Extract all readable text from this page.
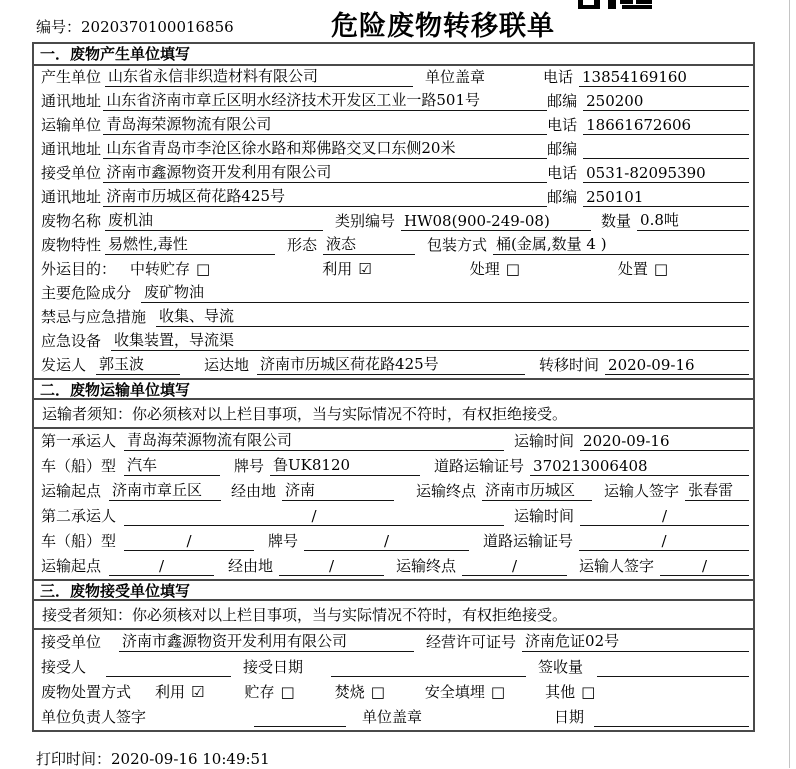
编号：2020370100016856	危险废物转移联单
一．废物产生单位填写
产生单位 山东省永信非织造材料有限公司	单位盖章	电话 13854169160
通讯地址 山东省济南市章丘区明水经济技术开发区工业一路501号	邮编 250200
运输单位 青岛海荣源物流有限公司	电话 18661672606
通讯地址 山东省青岛市李沧区徐水路和郑佛路交叉口东侧20米	邮编
接受单位 济南市鑫源物资开发利用有限公司	电话 0531-82095390
通讯地址 济南市历城区荷花路425号	邮编 250101
废物名称 废机油	类别编号 HW08(900-249-08)	数量 0.8吨
废物特性 易燃性,毒性	形态 液态	包装方式 桶(金属,数量 4 )
外运目的： 中转贮存 □	利用 ☑	处理 □	处置 □
主要危险成分 废矿物油
禁忌与应急措施 收集、导流
应急设备 收集装置，导流渠
发运人 郭玉波	运达地 济南市历城区荷花路425号	转移时间 2020-09-16
二．废物运输单位填写
运输者须知：你必须核对以上栏目事项，当与实际情况不符时，有权拒绝接受。
第一承运人 青岛海荣源物流有限公司	运输时间 2020-09-16
车（船）型 汽车	牌号 鲁UK8120	道路运输证号 370213006408
运输起点 济南市章丘区	经由地 济南	运输终点 济南市历城区	运输人签字 张春雷
第二承运人	/	运输时间	/
车（船）型	/	牌号	/	道路运输证号	/
运输起点	/	经由地	/	运输终点	/	运输人签字	/
三．废物接受单位填写
接受者须知：你必须核对以上栏目事项，当与实际情况不符时，有权拒绝接受。
接受单位 济南市鑫源物资开发利用有限公司	经营许可证号 济南危证02号
接受人	接受日期	签收量
废物处置方式 利用 ☑	贮存 □	焚烧 □	安全填埋 □	其他 □
单位负责人签字	单位盖章	日期
打印时间：2020-09-16 10:49:51
